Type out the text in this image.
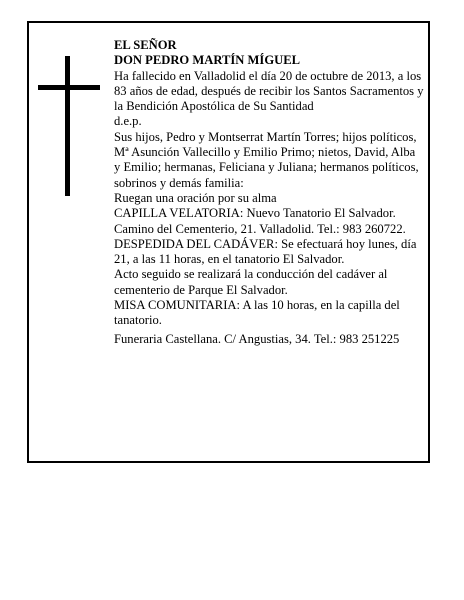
EL SEÑOR

DON PEDRO MARTÍN MÍGUEL

Ha fallecido en Valladolid el día 20 de octubre de 2013, a los 83 años de edad, después de recibir los Santos Sacramentos y la Bendición Apostólica de Su Santidad

d.e.p.

Sus hijos, Pedro y Montserrat Martín Torres; hijos políticos, Mª Asunción Vallecillo y Emilio Primo; nietos, David, Alba y Emilio; hermanas, Feliciana y Juliana; hermanos políticos, sobrinos y demás familia:

Ruegan una oración por su alma

CAPILLA VELATORIA: Nuevo Tanatorio El Salvador. Camino del Cementerio, 21. Valladolid. Tel.: 983 260722.

DESPEDIDA DEL CADÁVER: Se efectuará hoy lunes, día 21, a las 11 horas, en el tanatorio El Salvador.

Acto seguido se realizará la conducción del cadáver al cementerio de Parque El Salvador.

MISA COMUNITARIA: A las 10 horas, en la capilla del tanatorio.

Funeraria Castellana. C/ Angustias, 34. Tel.: 983 251225
